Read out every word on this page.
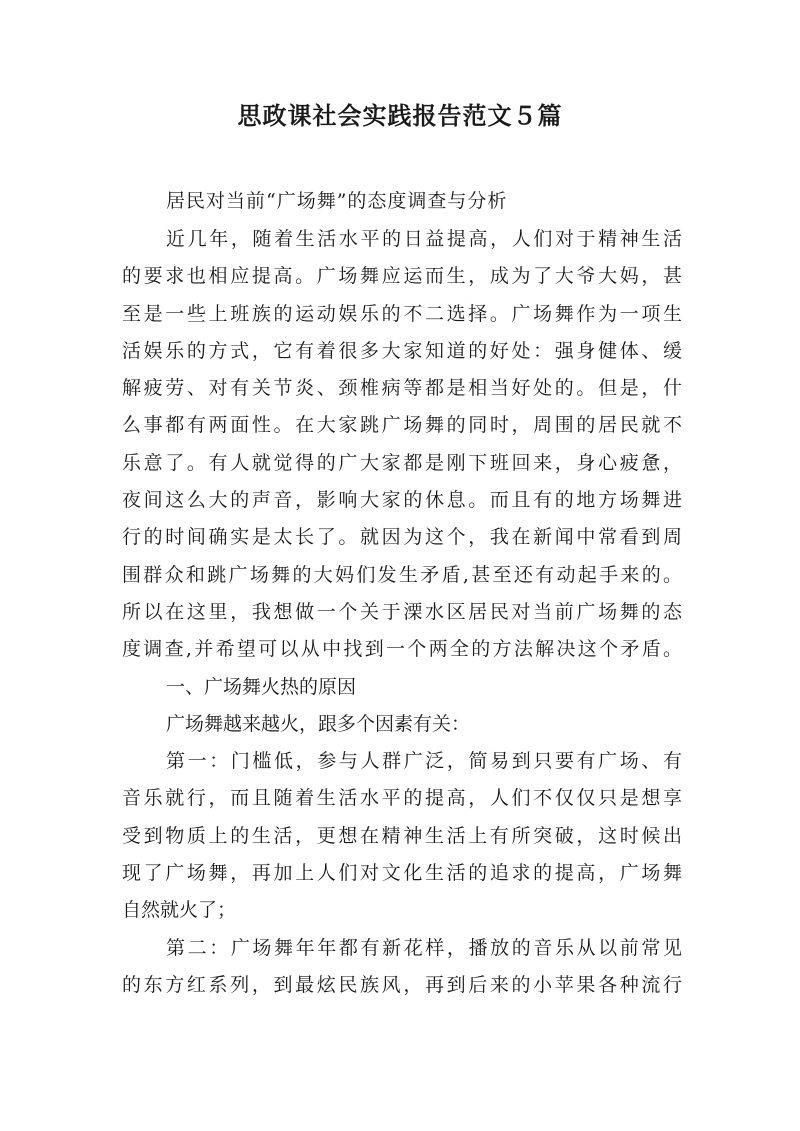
思政课社会实践报告范文５篇

居民对当前“广场舞”的态度调查与分析

近几年，随着生活水平的日益提高，人们对于精神生活

的要求也相应提高。广场舞应运而生，成为了大爷大妈，甚

至是一些上班族的运动娱乐的不二选择。广场舞作为一项生

活娱乐的方式，它有着很多大家知道的好处：强身健体、缓

解疲劳、对有关节炎、颈椎病等都是相当好处的。但是，什

么事都有两面性。在大家跳广场舞的同时，周围的居民就不

乐意了。有人就觉得的广大家都是刚下班回来，身心疲惫，

夜间这么大的声音，影响大家的休息。而且有的地方场舞进

行的时间确实是太长了。就因为这个，我在新闻中常看到周

围群众和跳广场舞的大妈们发生矛盾,甚至还有动起手来的。

所以在这里，我想做一个关于溧水区居民对当前广场舞的态

度调查,并希望可以从中找到一个两全的方法解决这个矛盾。

一、广场舞火热的原因

广场舞越来越火，跟多个因素有关：

第一：门槛低，参与人群广泛，简易到只要有广场、有

音乐就行，而且随着生活水平的提高，人们不仅仅只是想享

受到物质上的生活，更想在精神生活上有所突破，这时候出

现了广场舞，再加上人们对文化生活的追求的提高，广场舞

自然就火了；

第二：广场舞年年都有新花样，播放的音乐从以前常见

的东方红系列，到最炫民族风，再到后来的小苹果各种流行
